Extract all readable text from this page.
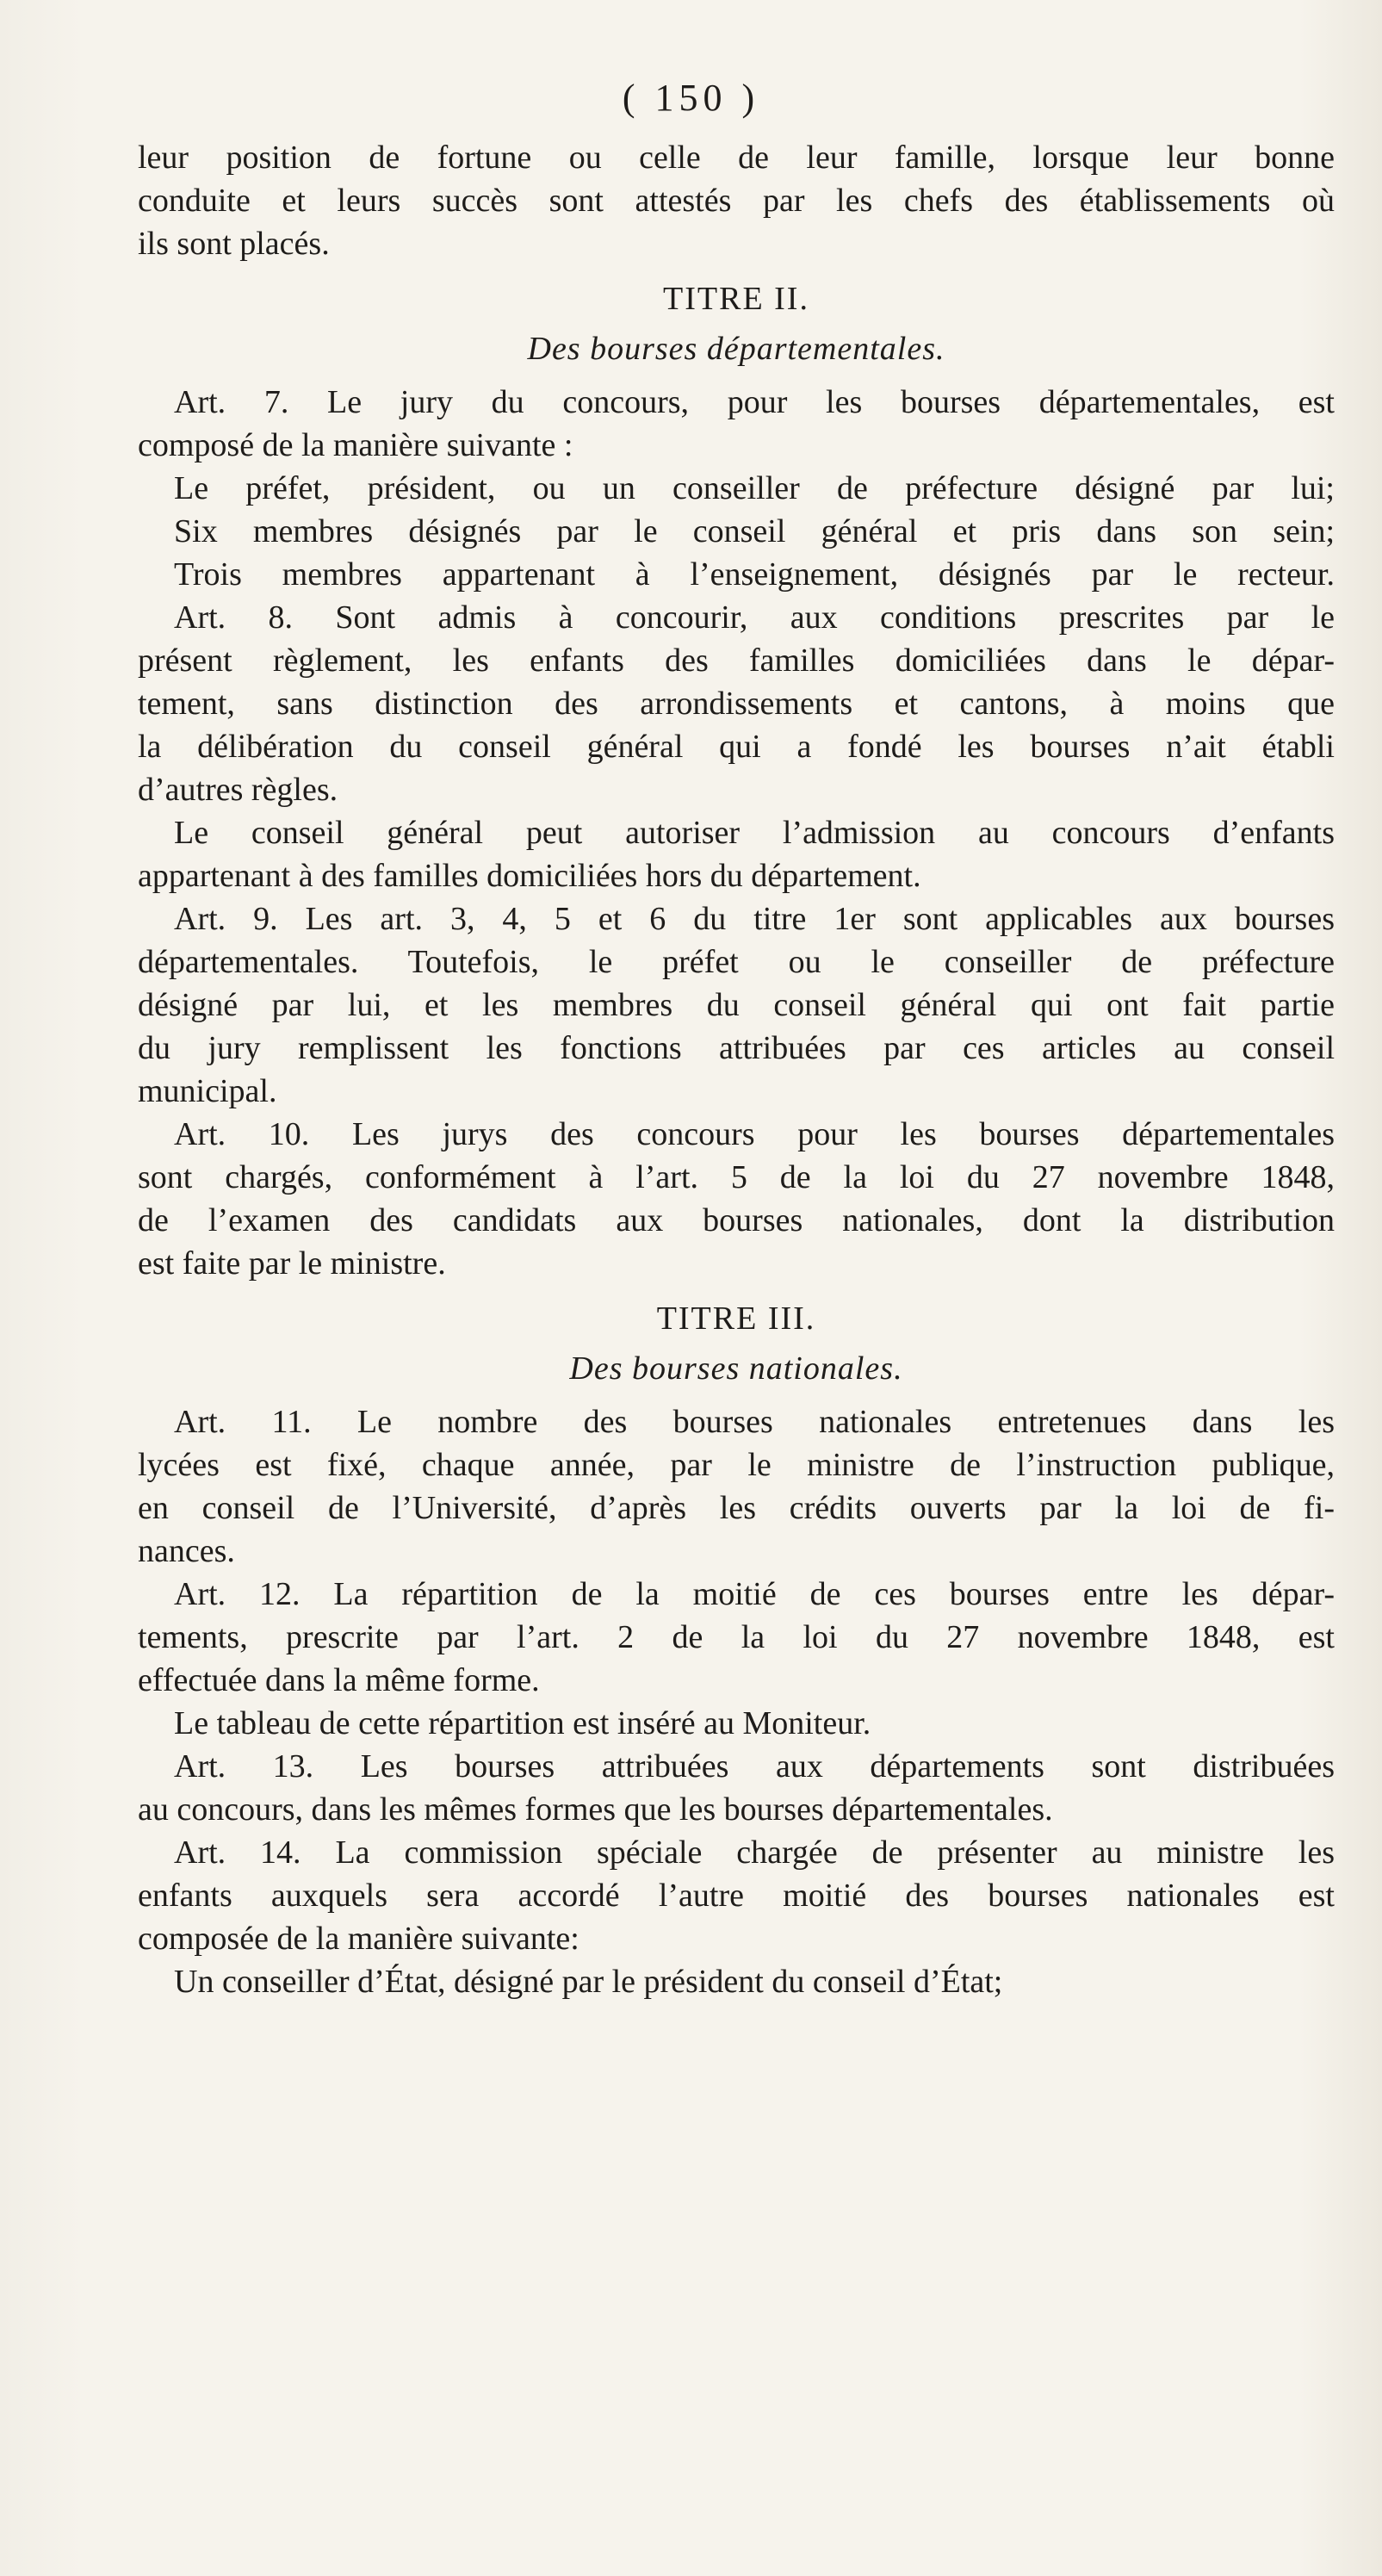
( 150 )
leur position de fortune ou celle de leur famille, lorsque leur bonne
conduite et leurs succès sont attestés par les chefs des établissements où
ils sont placés.
TITRE II.
Des bourses départementales.
Art. 7. Le jury du concours, pour les bourses départementales, est
composé de la manière suivante :
Le préfet, président, ou un conseiller de préfecture désigné par lui;
Six membres désignés par le conseil général et pris dans son sein;
Trois membres appartenant à l’enseignement, désignés par le recteur.
Art. 8. Sont admis à concourir, aux conditions prescrites par le
présent règlement, les enfants des familles domiciliées dans le dépar-
tement, sans distinction des arrondissements et cantons, à moins que
la délibération du conseil général qui a fondé les bourses n’ait établi
d’autres règles.
Le conseil général peut autoriser l’admission au concours d’enfants
appartenant à des familles domiciliées hors du département.
Art. 9. Les art. 3, 4, 5 et 6 du titre 1er sont applicables aux bourses
départementales. Toutefois, le préfet ou le conseiller de préfecture
désigné par lui, et les membres du conseil général qui ont fait partie
du jury remplissent les fonctions attribuées par ces articles au conseil
municipal.
Art. 10. Les jurys des concours pour les bourses départementales
sont chargés, conformément à l’art. 5 de la loi du 27 novembre 1848,
de l’examen des candidats aux bourses nationales, dont la distribution
est faite par le ministre.
TITRE III.
Des bourses nationales.
Art. 11. Le nombre des bourses nationales entretenues dans les
lycées est fixé, chaque année, par le ministre de l’instruction publique,
en conseil de l’Université, d’après les crédits ouverts par la loi de fi-
nances.
Art. 12. La répartition de la moitié de ces bourses entre les dépar-
tements, prescrite par l’art. 2 de la loi du 27 novembre 1848, est
effectuée dans la même forme.
Le tableau de cette répartition est inséré au Moniteur.
Art. 13. Les bourses attribuées aux départements sont distribuées
au concours, dans les mêmes formes que les bourses départementales.
Art. 14. La commission spéciale chargée de présenter au ministre les
enfants auxquels sera accordé l’autre moitié des bourses nationales est
composée de la manière suivante:
Un conseiller d’État, désigné par le président du conseil d’État;
